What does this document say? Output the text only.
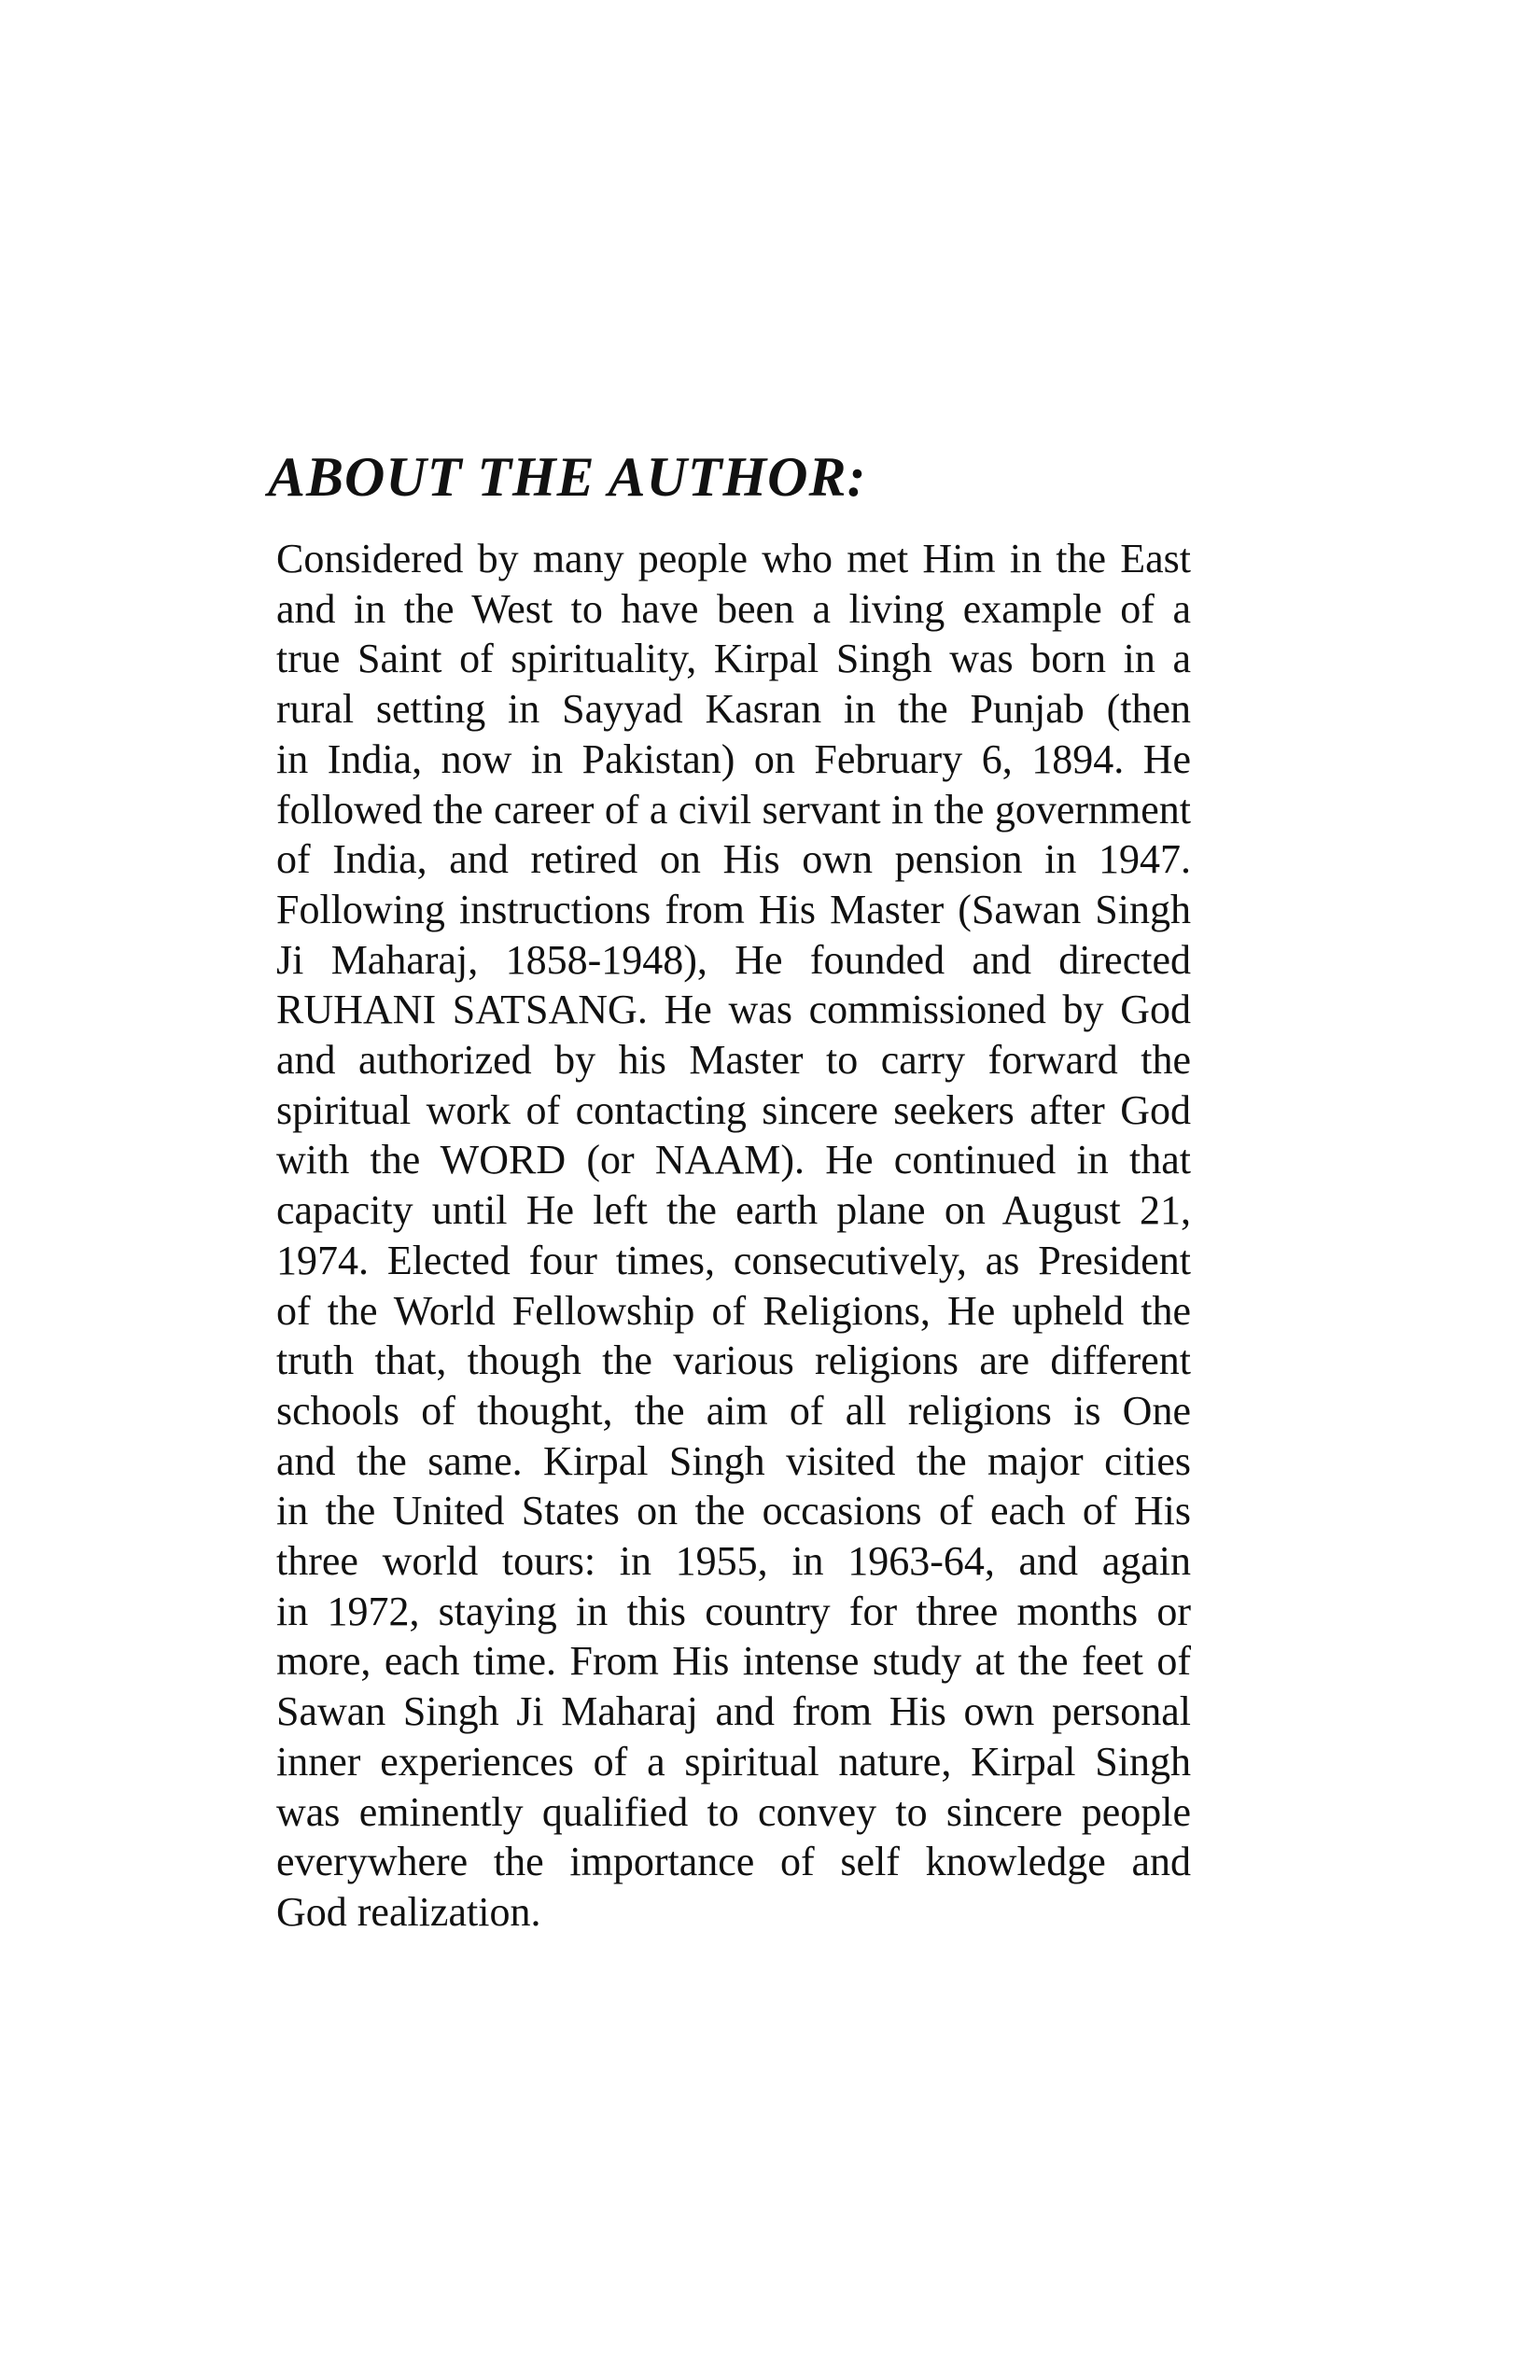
ABOUT THE AUTHOR:
Considered by many people who met Him in the East
and in the West to have been a living example of a
true Saint of spirituality, Kirpal Singh was born in a
rural setting in Sayyad Kasran in the Punjab (then
in India, now in Pakistan) on February 6, 1894. He
followed the career of a civil servant in the government
of India, and retired on His own pension in 1947.
Following instructions from His Master (Sawan Singh
Ji Maharaj, 1858-1948), He founded and directed
RUHANI SATSANG. He was commissioned by God
and authorized by his Master to carry forward the
spiritual work of contacting sincere seekers after God
with the WORD (or NAAM). He continued in that
capacity until He left the earth plane on August 21,
1974. Elected four times, consecutively, as President
of the World Fellowship of Religions, He upheld the
truth that, though the various religions are different
schools of thought, the aim of all religions is One
and the same. Kirpal Singh visited the major cities
in the United States on the occasions of each of His
three world tours: in 1955, in 1963-64, and again
in 1972, staying in this country for three months or
more, each time. From His intense study at the feet of
Sawan Singh Ji Maharaj and from His own personal
inner experiences of a spiritual nature, Kirpal Singh
was eminently qualified to convey to sincere people
everywhere the importance of self knowledge and
God realization.
